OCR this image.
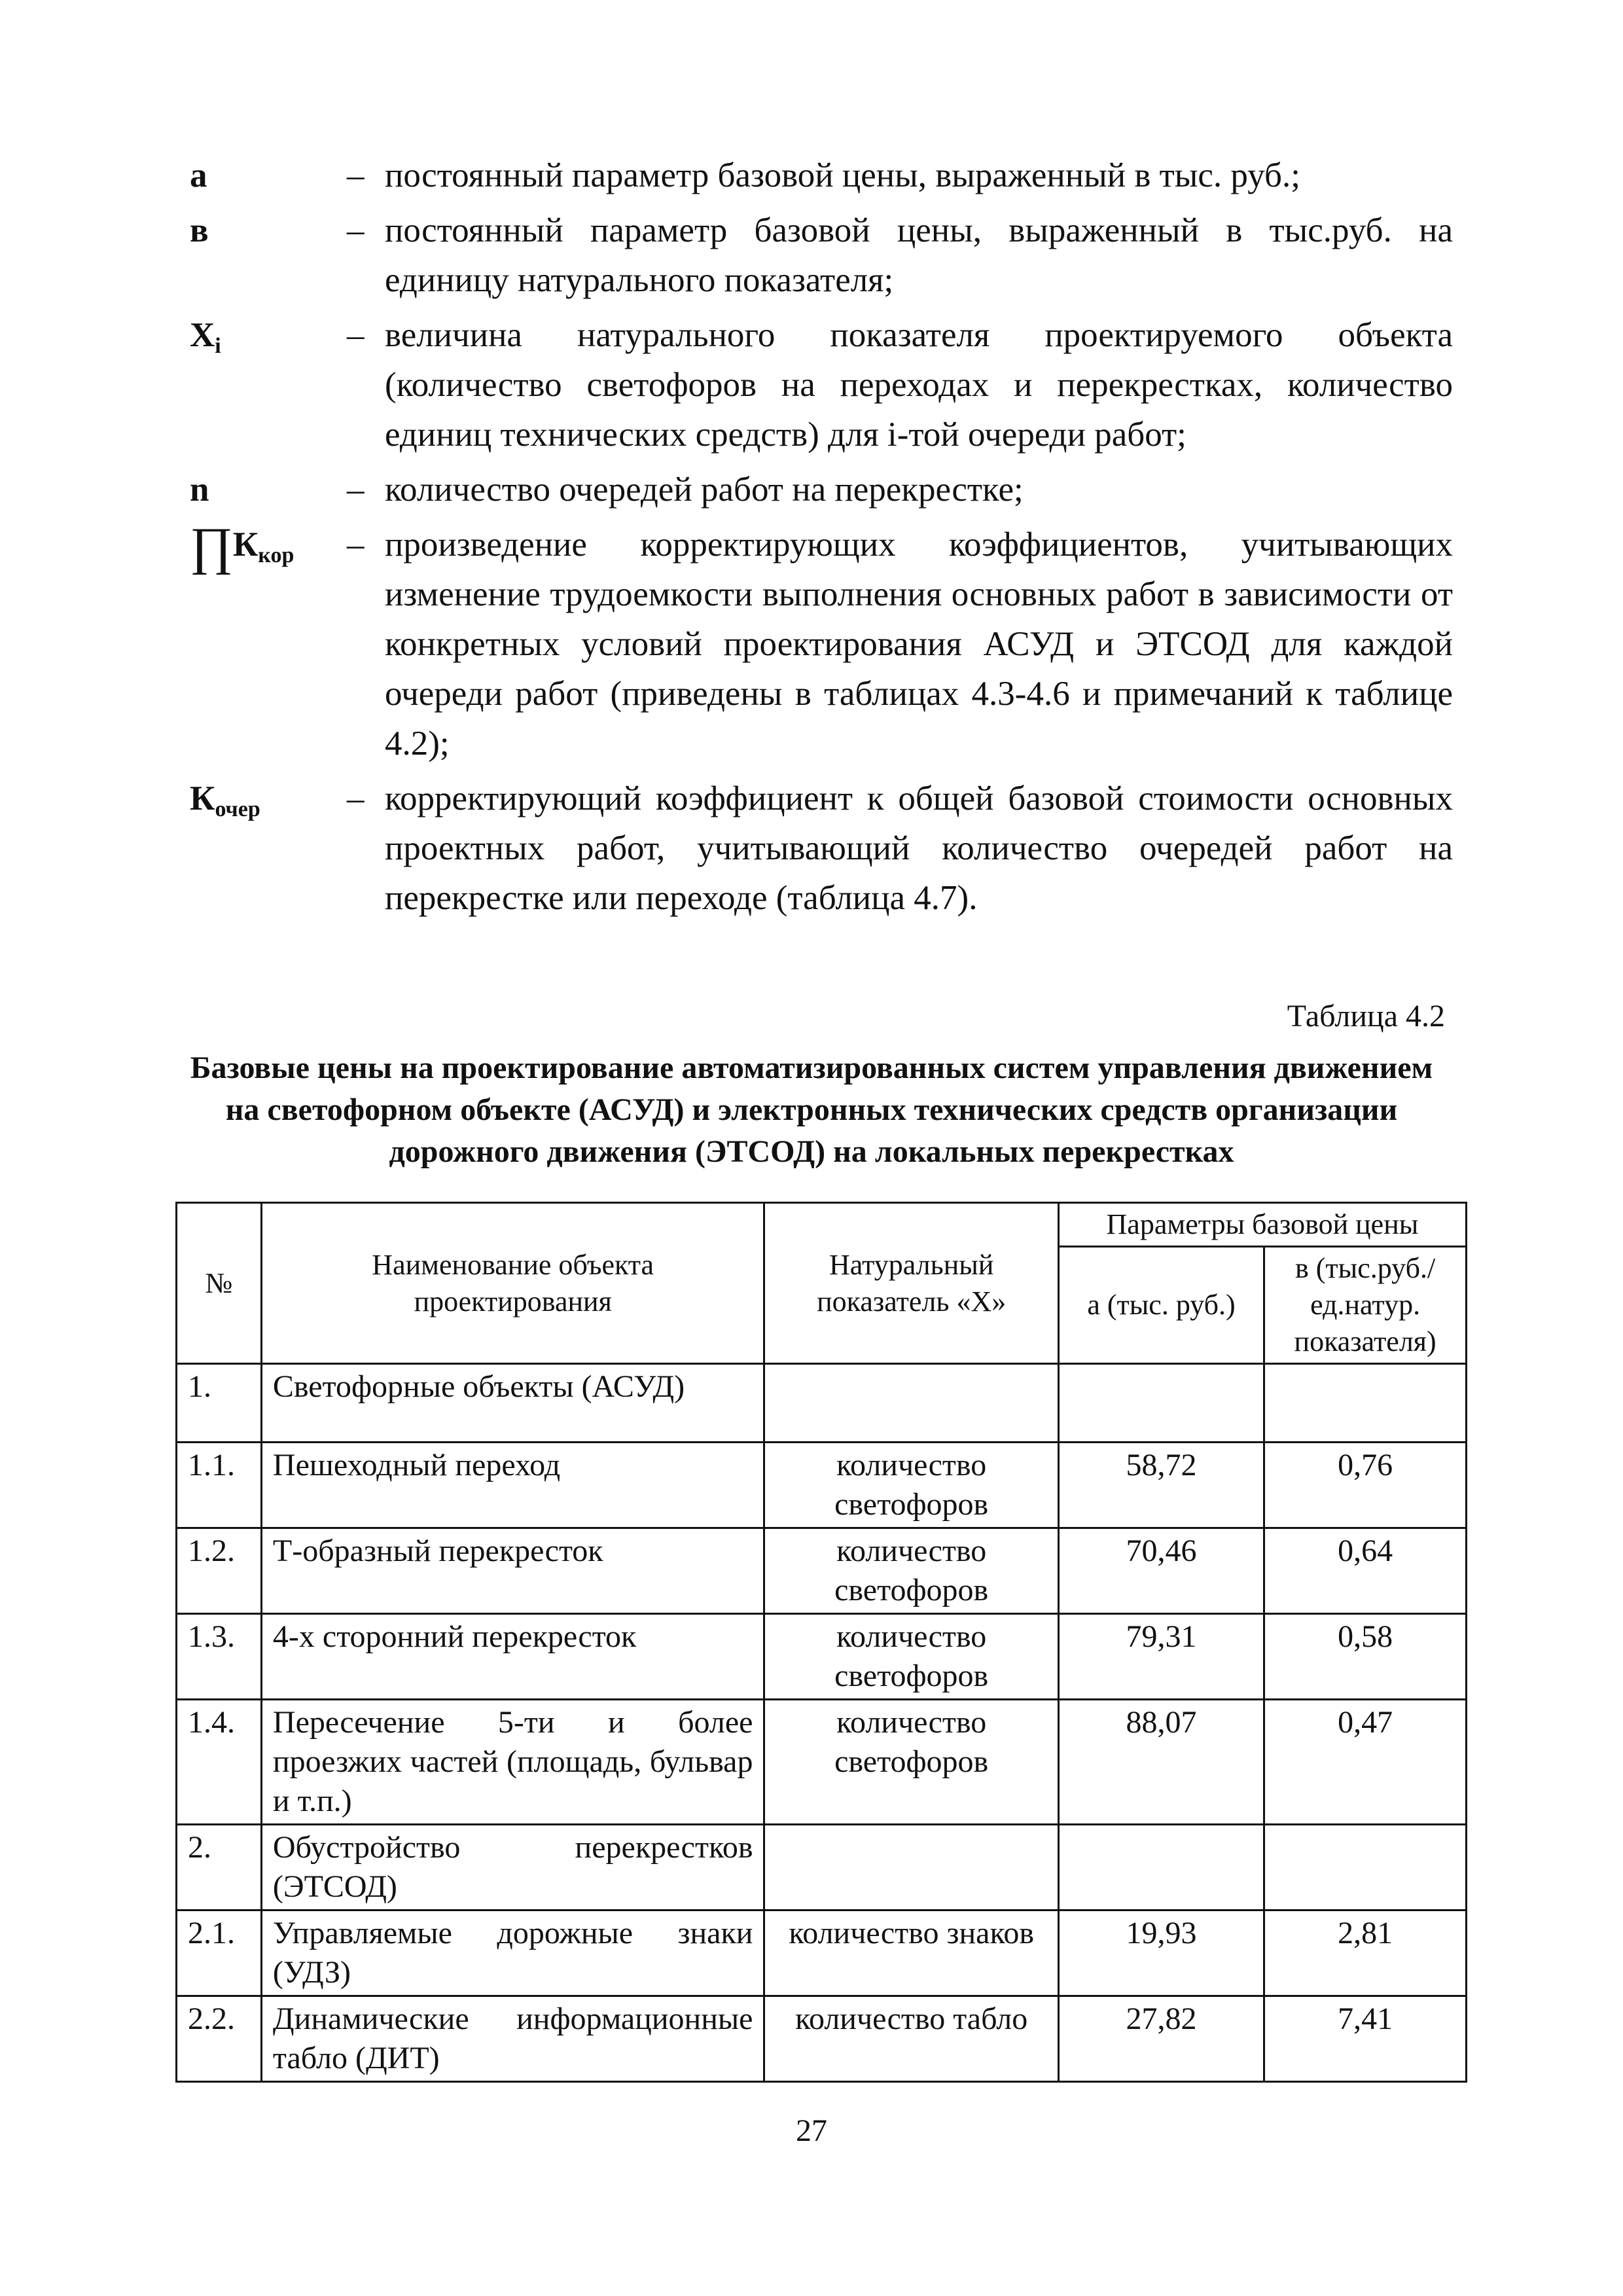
а	– постоянный параметр базовой цены, выраженный в тыс. руб.;
в	– постоянный параметр базовой цены, выраженный в тыс.руб. на единицу натурального показателя;
$X_i$	– величина натурального показателя проектируемого объекта (количество светофоров на переходах и перекрестках, количество единиц технических средств) для i-той очереди работ;
n	– количество очередей работ на перекрестке;
$\prod К_{кор}$	– произведение корректирующих коэффициентов, учитывающих изменение трудоемкости выполнения основных работ в зависимости от конкретных условий проектирования АСУД и ЭТСОД для каждой очереди работ (приведены в таблицах 4.3-4.6 и примечаний к таблице 4.2);
$К_{очер}$	– корректирующий коэффициент к общей базовой стоимости основных проектных работ, учитывающий количество очередей работ на перекрестке или переходе (таблица 4.7).
Таблица 4.2
Базовые цены на проектирование автоматизированных систем управления движением на светофорном объекте (АСУД) и электронных технических средств организации дорожного движения (ЭТСОД) на локальных перекрестках
№	Наименование объекта проектирования	Натуральный показатель «Х»	Параметры базовой цены	
			а (тыс. руб.)	в (тыс.руб./ ед.натур. показателя)
1.	Светофорные объекты (АСУД)			
1.1.	Пешеходный переход	количество светофоров	58,72	0,76
1.2.	Т-образный перекресток	количество светофоров	70,46	0,64
1.3.	4-х сторонний перекресток	количество светофоров	79,31	0,58
1.4.	Пересечение 5-ти и более проезжих частей (площадь, бульвар и т.п.)	количество светофоров	88,07	0,47
2.	Обустройство перекрестков (ЭТСОД)			
2.1.	Управляемые дорожные знаки (УДЗ)	количество знаков	19,93	2,81
2.2.	Динамические информационные табло (ДИТ)	количество табло	27,82	7,41
27
